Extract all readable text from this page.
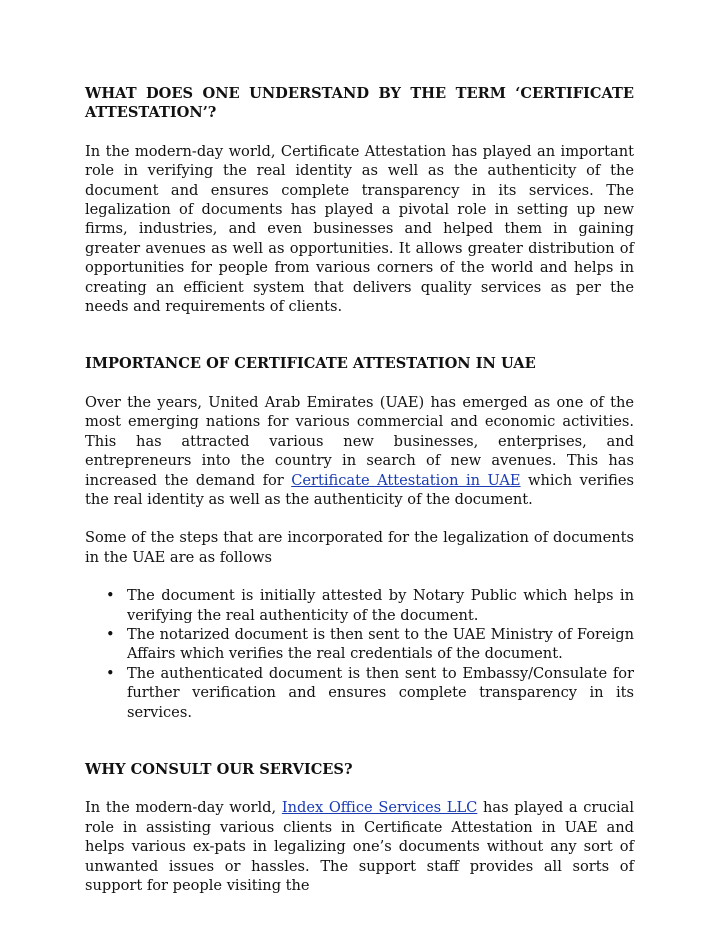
WHAT DOES ONE UNDERSTAND BY THE TERM ‘CERTIFICATE ATTESTATION’?

In the modern-day world, Certificate Attestation has played an important role in verifying the real identity as well as the authenticity of the document and ensures complete transparency in its services. The legalization of documents has played a pivotal role in setting up new firms, industries, and even businesses and helped them in gaining greater avenues as well as opportunities. It allows greater distribution of opportunities for people from various corners of the world and helps in creating an efficient system that delivers quality services as per the needs and requirements of clients.

IMPORTANCE OF CERTIFICATE ATTESTATION IN UAE

Over the years, United Arab Emirates (UAE) has emerged as one of the most emerging nations for various commercial and economic activities. This has attracted various new businesses, enterprises, and entrepreneurs into the country in search of new avenues. This has increased the demand for Certificate Attestation in UAE which verifies the real identity as well as the authenticity of the document.

Some of the steps that are incorporated for the legalization of documents in the UAE are as follows

• The document is initially attested by Notary Public which helps in verifying the real authenticity of the document.
• The notarized document is then sent to the UAE Ministry of Foreign Affairs which verifies the real credentials of the document.
• The authenticated document is then sent to Embassy/Consulate for further verification and ensures complete transparency in its services.
WHY CONSULT OUR SERVICES?

In the modern-day world, Index Office Services LLC has played a crucial role in assisting various clients in Certificate Attestation in UAE and helps various ex-pats in legalizing one’s documents without any sort of unwanted issues or hassles. The support staff provides all sorts of support for people visiting the
